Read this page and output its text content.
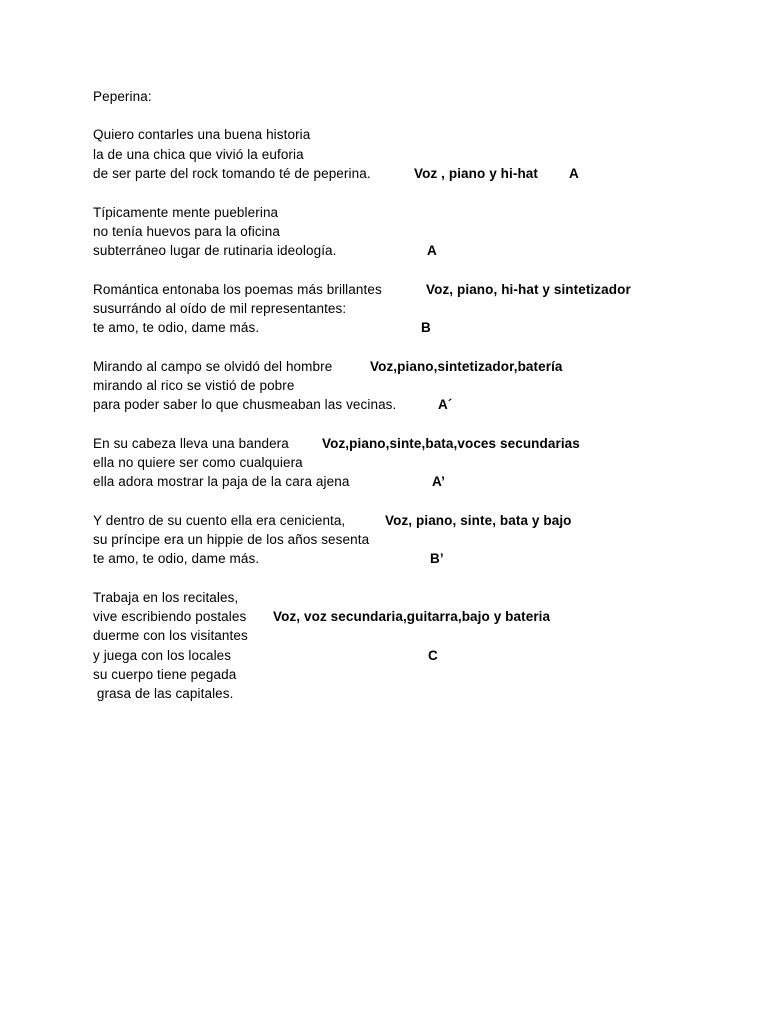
Peperina:
Quiero contarles una buena historia
la de una chica que vivió la euforia
de ser parte del rock tomando té de peperina.	Voz , piano y hi-hat A
Típicamente mente pueblerina
no tenía huevos para la oficina
subterráneo lugar de rutinaria ideología.	A
Romántica entonaba los poemas más brillantes	Voz, piano, hi-hat y sintetizador
susurrándo al oído de mil representantes:
te amo, te odio, dame más.	B
Mirando al campo se olvidó del hombre	Voz,piano,sintetizador,batería
mirando al rico se vistió de pobre
para poder saber lo que chusmeaban las vecinas.	A´
En su cabeza lleva una bandera Voz,piano,sinte,bata,voces secundarias
ella no quiere ser como cualquiera
ella adora mostrar la paja de la cara ajena	A’
Y dentro de su cuento ella era cenicienta,	Voz, piano, sinte, bata y bajo
su príncipe era un hippie de los años sesenta
te amo, te odio, dame más.	B’
Trabaja en los recitales,
vive escribiendo postales Voz, voz secundaria,guitarra,bajo y bateria
duerme con los visitantes
y juega con los locales	C
su cuerpo tiene pegada
grasa de las capitales.
